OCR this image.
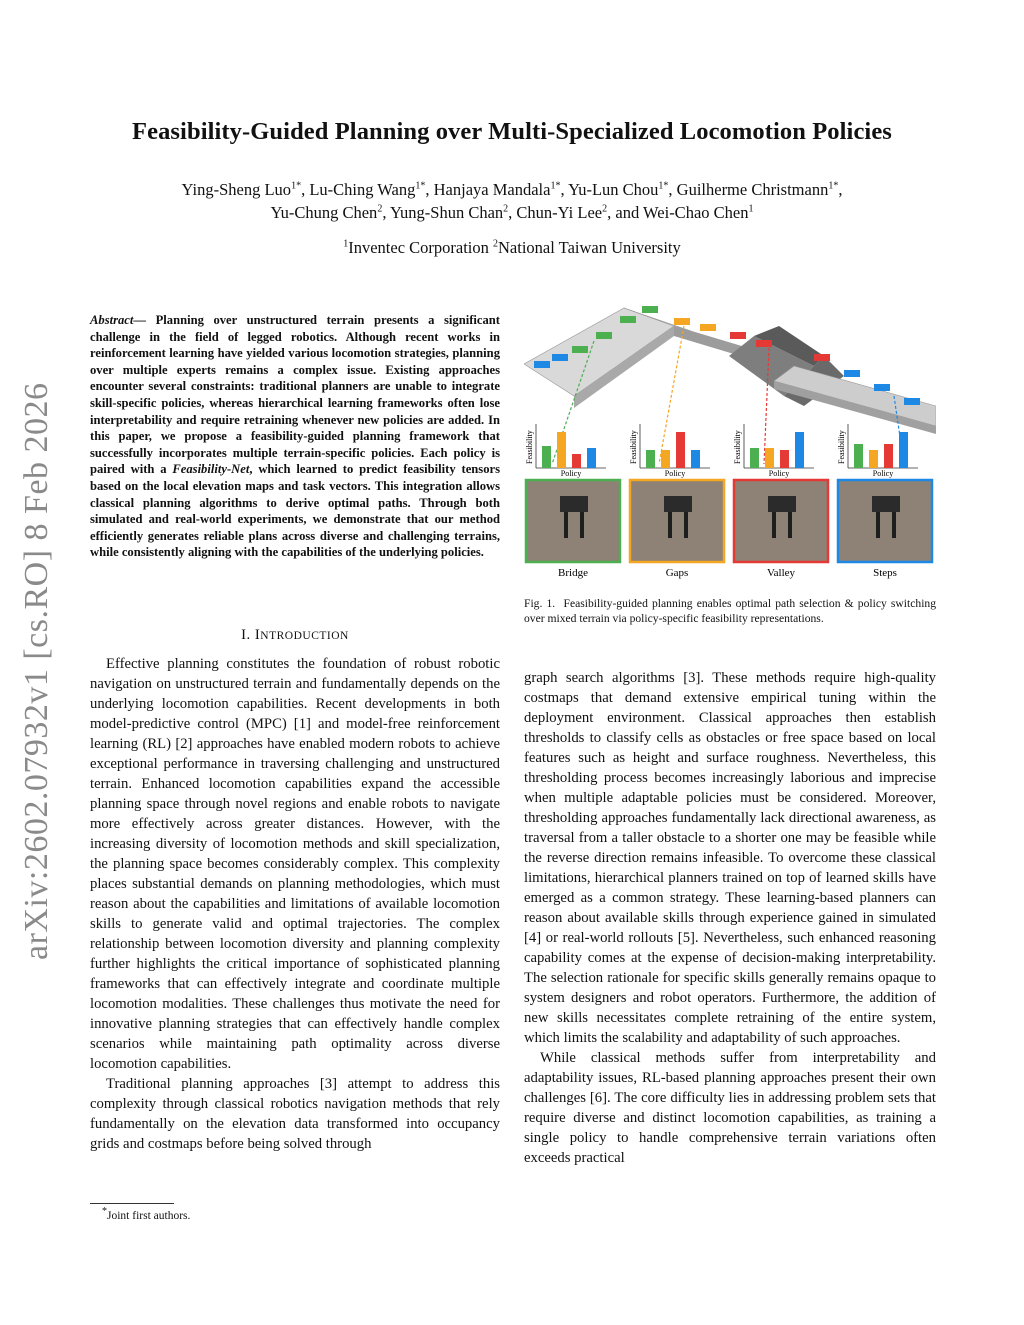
arXiv:2602.07932v1 [cs.RO] 8 Feb 2026
Feasibility-Guided Planning over Multi-Specialized Locomotion Policies
Ying-Sheng Luo$^{1*}$, Lu-Ching Wang$^{1*}$, Hanjaya Mandala$^{1*}$, Yu-Lun Chou$^{1*}$, Guilherme Christmann$^{1*}$,
Yu-Chung Chen$^2$, Yung-Shun Chan$^2$, Chun-Yi Lee$^2$, and Wei-Chao Chen$^1$
$^1$Inventec Corporation $^2$National Taiwan University
Abstract— Planning over unstructured terrain presents a significant challenge in the field of legged robotics. Although recent works in reinforcement learning have yielded various locomotion strategies, planning over multiple experts remains a complex issue. Existing approaches encounter several constraints: traditional planners are unable to integrate skill-specific policies, whereas hierarchical learning frameworks often lose interpretability and require retraining whenever new policies are added. In this paper, we propose a feasibility-guided planning framework that successfully incorporates multiple terrain-specific policies. Each policy is paired with a Feasibility-Net, which learned to predict feasibility tensors based on the local elevation maps and task vectors. This integration allows classical planning algorithms to derive optimal paths. Through both simulated and real-world experiments, we demonstrate that our method efficiently generates reliable plans across diverse and challenging terrains, while consistently aligning with the capabilities of the underlying policies.
I. INTRODUCTION

Effective planning constitutes the foundation of robust robotic navigation on unstructured terrain and fundamentally depends on the underlying locomotion capabilities. Recent developments in both model-predictive control (MPC) [1] and model-free reinforcement learning (RL) [2] approaches have enabled modern robots to achieve exceptional performance in traversing challenging and unstructured terrain. Enhanced locomotion capabilities expand the accessible planning space through novel regions and enable robots to navigate more effectively across greater distances. However, with the increasing diversity of locomotion methods and skill specialization, the planning space becomes considerably complex. This complexity places substantial demands on planning methodologies, which must reason about the capabilities and limitations of available locomotion skills to generate valid and optimal trajectories. The complex relationship between locomotion diversity and planning complexity further highlights the critical importance of sophisticated planning frameworks that can effectively integrate and coordinate multiple locomotion modalities. These challenges thus motivate the need for innovative planning strategies that can effectively handle complex scenarios while maintaining path optimality across diverse locomotion capabilities.

Traditional planning approaches [3] attempt to address this complexity through classical robotics navigation methods that rely fundamentally on the elevation data transformed into occupancy grids and costmaps before being solved through

*Joint first authors.

graph search algorithms [3]. These methods require high-quality costmaps that demand extensive empirical tuning within the deployment environment. Classical approaches then establish thresholds to classify cells as obstacles or free space based on local features such as height and surface roughness. Nevertheless, this thresholding process becomes increasingly laborious and imprecise when multiple adaptable policies must be considered. Moreover, thresholding approaches fundamentally lack directional awareness, as traversal from a taller obstacle to a shorter one may be feasible while the reverse direction remains infeasible. To overcome these classical limitations, hierarchical planners trained on top of learned skills have emerged as a common strategy. These learning-based planners can reason about available skills through experience gained in simulated [4] or real-world rollouts [5]. Nevertheless, such enhanced reasoning capability comes at the expense of decision-making interpretability. The selection rationale for specific skills generally remains opaque to system designers and robot operators. Furthermore, the addition of new skills necessitates complete retraining of the entire system, which limits the scalability and adaptability of such approaches.

While classical methods suffer from interpretability and adaptability issues, RL-based planning approaches present their own challenges [6]. The core difficulty lies in addressing problem sets that require diverse and distinct locomotion capabilities, as training a single policy to handle comprehensive terrain variations often exceeds practical

Feasibility
Policy
Bridge
Feasibility
Policy
Gaps
Feasibility
Policy
Valley
Feasibility
Policy
Steps
Fig. 1. Feasibility-guided planning enables optimal path selection & policy switching over mixed terrain via policy-specific feasibility representations.
